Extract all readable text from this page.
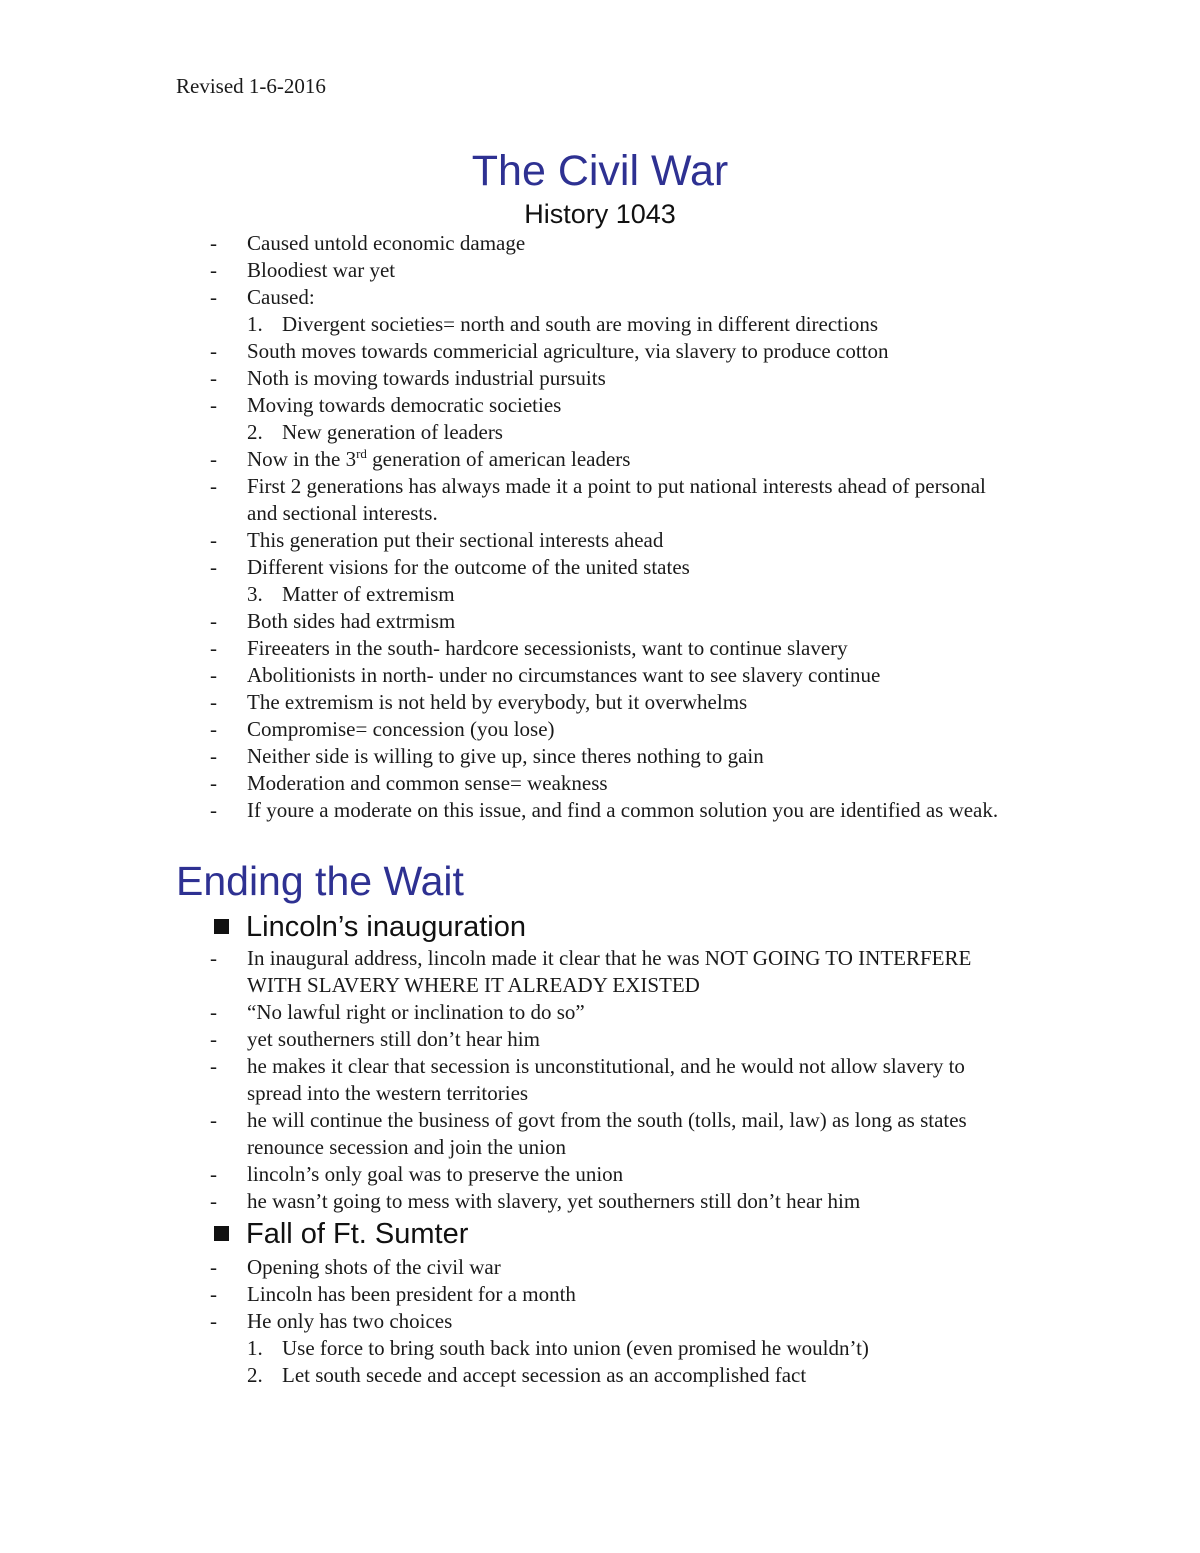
Revised 1-6-2016
The Civil War
History 1043
- Caused untold economic damage
- Bloodiest war yet
- Caused:
1. Divergent societies= north and south are moving in different directions
- South moves towards commericial agriculture, via slavery to produce cotton
- Noth is moving towards industrial pursuits
- Moving towards democratic societies
2. New generation of leaders
- Now in the 3rd generation of american leaders
- First 2 generations has always made it a point to put national interests ahead of personal and sectional interests.
- This generation put their sectional interests ahead
- Different visions for the outcome of the united states
3. Matter of extremism
- Both sides had extrmism
- Fireeaters in the south- hardcore secessionists, want to continue slavery
- Abolitionists in north- under no circumstances want to see slavery continue
- The extremism is not held by everybody, but it overwhelms
- Compromise= concession (you lose)
- Neither side is willing to give up, since theres nothing to gain
- Moderation and common sense= weakness
- If youre a moderate on this issue, and find a common solution you are identified as weak.
Ending the Wait
Lincoln’s inauguration
- In inaugural address, lincoln made it clear that he was NOT GOING TO INTERFERE WITH SLAVERY WHERE IT ALREADY EXISTED
- “No lawful right or inclination to do so”
- yet southerners still don’t hear him
- he makes it clear that secession is unconstitutional, and he would not allow slavery to spread into the western territories
- he will continue the business of govt from the south (tolls, mail, law) as long as states renounce secession and join the union
- lincoln’s only goal was to preserve the union
- he wasn’t going to mess with slavery, yet southerners still don’t hear him
Fall of Ft. Sumter
- Opening shots of the civil war
- Lincoln has been president for a month
- He only has two choices
1. Use force to bring south back into union (even promised he wouldn’t)
2. Let south secede and accept secession as an accomplished fact
